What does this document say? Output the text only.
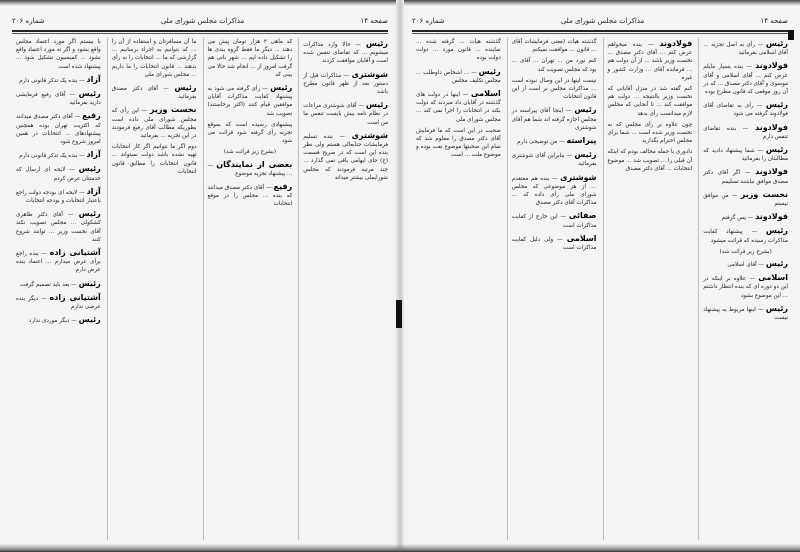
صفحه ۱۴
مذاکرات مجلس شورای ملی
شماره ۲۰۶

رئیس — حالا وارد مذاکرات میشویم ... که تقاضای تنفس شده است و آقایان موافقت کردند

شوشتری — مذاکرات قبل از دستور بعد از ظهر قانون مطرح باشد

رئیس — آقای شوشتری مراعات در نظام نامه بیش بایست تنفس ما من است

شوشتری — بنده تسلیم فرمایشات جنابعالی هستم ولی نظر بنده این است که در صریح قسمت (ج) جای ایهامی باقی نمی گذارد ... چند مرتبه فرمودند که مجلس شورایملی بیشتر میداند

که ماهی ۲ هزار تومان پیش می دهند ... دیگر ما فقط گروه بندی ها را تشکیل داده ایم ... شهر بانی هم گرفت امروز از ... انجام شد حالا می بینی که

رئیس — رأی گرفته می شود به پیشنهاد کفایت مذاکرات آقایان موافقین قیام کنند (اکثر برخاستند) تصویب شد

پیشنهادی رسیده است که بموقع تجربه رأی گرفته شود قرائت می شود

(بشرح زیر قرائت شد)

بعضی از نمایندگان — ... پیشنهاد تجزیه موضوع

رفیع — آقای دکتر مصدق میدانند که بنده ... مجلس را در موقع انتخابات

ما آن مسافرتان و استفاده از آن را ... که بتوانیم به اجراء برسانیم ... گزارشی که ما ... انتخابات را نه رأی بدهند ... قانون انتخابات را ما داریم ... مجلس شورای ملی

رئیس — آقای دکتر مصدق بفرمائید

نخست وزیر — این رأی که مجلس شورای ملی داده است بطوریکه مطالب آقای رفیع فرمودند در این تجزیه ... بفرمائید

دوم اگر ما نتوانیم اگر کار انتخابات تهیه نشده باشد دولت نمیتواند ... قانون انتخابات را مطابق قانون انتخابات

با بیستم اگر مورد اعتماد مجلس واقع بشود و اگر نه مورد اعتماد واقع نشود ... کمیسیون تشکیل شود ... پیشنهاد شده است

آزاد — بنده یک تذکر قانونی دارم

رئیس — آقای رفیع فرمایشی دارید بفرمائید

رفیع — آقای دکتر مصدق میدانند که اکثریت تهران بوده همچنین پیشنهادهای ... انتخابات در همین امروز شروع شود

آزاد — بنده یک تذکر قانونی دارم

رئیس — لایحه ای ارسال که خدمتتان عرض کردم

آزاد — لایحه ای بودجه دولت راجع باعتبار انتخابات و بودجه انتخابات

رئیس — آقای دکتر طاهری کشکولی ... مجلس تصویب نکند آقای نخست وزیر ... توانند شروع کنند

آشتیانی زاده — بنده راجع برأی عرض میدارم ... اعتماد بنده عرض دارم

رئیس — بعد باید تصمیم گرفت

آشتیانی زاده — دیگر بنده عرضی ندارم

رئیس — دیگر موردی ندارد

صفحه ۱۴
مذاکرات مجلس شورای ملی
شماره ۲۰۶

رئیس — رأی به اصل تجزیه ... آقای اسلامی بفرمائید

فولادوند — بنده بسیار مایلم عرض کنم ... آقای اسلامی و آقای موسوی و آقای دکتر مصدق ... که در آن روز موقعی که قانون مطرح بوده

رئیس — رأی به تقاضای آقای فولادوند گرفته می شود

فولادوند — بنده تقاضای تنفس دارم

رئیس — شما پیشنهاد دادید که مطالبتان را بفرمائید

فولادوند — اگر آقای دکتر مصدق موافق نباشند تسلیمم

نخست وزیر — من موافق نیستم

فولادوند — پس گرفتم

رئیس — پیشنهاد کفایت مذاکرات رسیده که قرائت میشود

(بشرح زیر قرائت شد)

رئیس — آقای اسلامی

اسلامی — علاوه بر اینکه در این دو دوره ای که بنده انتظار داشتم ... این موضوع بشود

رئیس — اینها مربوط به پیشنهاد نیست

فولادوند — بنده میخواهم عرض کنم ... آقای دکتر مصدق ... نخست وزیر باشد ... از آن دولت هم ... فرمانده آقای ... وزارت کشور و غیره

کنم گفته شد در منزل آقایانی که نخست وزیر بالنتیجه ... دولت هم موافقت کند ... تا آنجایی که مجلس لازم میدانست رأی بدهد

چون علاوه بر رأی مجلس که به نخست وزیر شده است ... شما برای مجلس احترام بگذارید

دادوری با جمله مخالف بودم که اینکه آن قبلی را ... تصویب شد ... موضوع انتخابات ... آقای دکتر مصدق

گذشته هیأت (معنی فرمایشات آقای ... قانون ... موافقت نمیکنم

کنم نورد من ... تهران ... آقای ... بود که مجلس تصویب کند

نیست اینها در این وصال نبوده است ... مذاکرات مجلس بر است از این قانون انتخابات

رئیس — اینجا آقای پیراسته در مجلس اجازه گرفته اند شما هم آقای شوشتری

پیراسته — من توضیحی دارم

رئیس — بنابراین آقای شوشتری بفرمائید

شوشتری — بنده هم معتقدم ... از هر موضوعی که مجلس شورای ملی رأی داده که ... مذاکرات آقای دکتر مصدق

صفائی — این خارج از کفایت مذاکرات است

اسلامی — ولی دلیل کفایت مذاکرات است

گذشته هیأت ... گرفته شده ... نماینده ... قانون مورد ... دولت دولت بوده

رئیس — ... اشخاص داوطلب ... مجلس تکلیف مجلس

اسلامی — اینها در دولت های گذشته در آقایان داد میزدند که دولت بکند در انتخابات را اجرا نمی کند ... مجلس شورای ملی

صحبت در این است که ما فرمایش آقای دکتر مصدق را معلوم شد که تمام این صحبتها موضوع نفت بوده و موضوع ملت ... است
